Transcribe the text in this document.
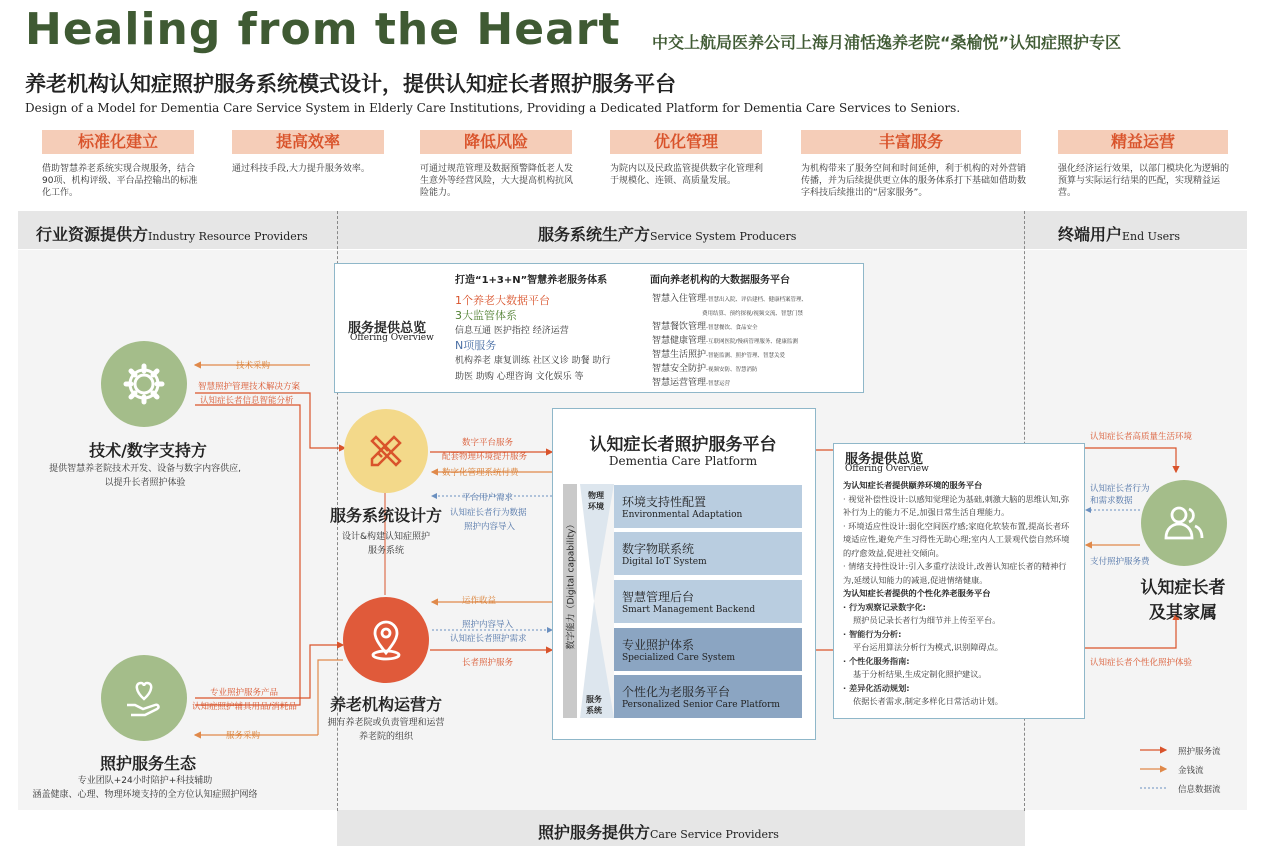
Healing from the Heart 中交上航局医养公司上海月浦恬逸养老院“桑榆悦”认知症照护专区
养老机构认知症照护服务系统模式设计，提供认知症长者照护服务平台
Design of a Model for Dementia Care Service System in Elderly Care Institutions, Providing a Dedicated Platform for Dementia Care Services to Seniors.
标准化建立
借助智慧养老系统实现合规服务，结合90项、机构评级、平台品控输出的标准化工作。
提高效率
通过科技手段,大力提升服务效率。
降低风险
可通过规范管理及数据预警降低老人发生意外等经营风险，大大提高机构抗风险能力。
优化管理
为院内以及民政监管提供数字化管理利于规模化、连锁、高质量发展。
丰富服务
为机构带来了服务空间和时间延伸，利于机构的对外营销传播，并为后续提供更立体的服务体系打下基础如借助数字科技后续推出的“居家服务”。
精益运营
强化经济运行效果，以部门模块化为逻辑的预算与实际运行结果的匹配，实现精益运营。
行业资源提供方Industry Resource Providers	服务系统生产方Service System Producers	终端用户End Users
照护服务提供方Care Service Providers
技术/数字支持方
提供智慧养老院技术开发、设备与数字内容供应,
以提升长者照护体验
照护服务生态
专业团队+24小时陪护+科技辅助
涵盖健康、心理、物理环境支持的全方位认知症照护网络
技术采购
智慧照护管理技术解决方案
认知症长者信息智能分析
专业照护服务产品
认知症照护辅具用品/消耗品
服务采购
服务系统设计方
设计&构建认知症照护
服务系统
养老机构运营方
拥有养老院或负责管理和运营
养老院的组织
数字平台服务
配套物理环境提升服务
数字化管理系统付费
平台用户需求
认知症长者行为数据
照护内容导入
运作收益
照护内容导入
认知症长者照护需求
长者照护服务
服务提供总览
Offering Overview
打造“1+3+N”智慧养老服务体系
1个养老大数据平台
3大监管体系
信息互通 医护指控 经济运营
N项服务
机构养老 康复训练 社区义诊 助餐 助行
助医 助购 心理咨询 文化娱乐 等
面向养老机构的大数据服务平台
智慧入住管理-智慧出入院、评估建档、健康档案管理、
费用结算、预约探视/视频交流、智慧门禁
智慧餐饮管理-智慧餐饮、食品安全
智慧健康管理-互联网医院/慢病管理服务、健康监测
智慧生活照护-智能监测、照护管理、智慧关爱
智慧安全防护-视频安防、智慧消防
智慧运营管理-智慧运营
认知症长者照护服务平台
Dementia Care Platform
数字能力（Digital capability）
物理环境
服务系统
环境支持性配置
Environmental Adaptation
数字物联系统
Digital IoT System
智慧管理后台
Smart Management Backend
专业照护体系
Specialized Care System
个性化为老服务平台
Personalized Senior Care Platform
服务提供总览
Offering Overview
为认知症长者提供颐养环境的服务平台
· 视觉补偿性设计:以感知觉理论为基础,刺激大脑的思维认知,弥补行为上的能力不足,加强日常生活自理能力。
· 环境适应性设计:弱化空间医疗感;家庭化软装布置,提高长者环境适应性,避免产生习得性无助心理;室内人工景观代偿自然环境的疗愈效益,促进社交倾向。
· 情绪支持性设计:引入多重疗法设计,改善认知症长者的精神行为,延缓认知能力的减退,促进情绪健康。
为认知症长者提供的个性化养老服务平台
· 行为观察记录数字化:
照护员记录长者行为细节并上传至平台。
· 智能行为分析:
平台运用算法分析行为模式,识别障碍点。
· 个性化服务指南:
基于分析结果,生成定制化照护建议。
· 差异化活动规划:
依据长者需求,制定多样化日常活动计划。
认知症长者
及其家属
认知症长者高质量生活环境
认知症长者行为
和需求数据
支付照护服务费
认知症长者个性化照护体验
照护服务流
金钱流
信息数据流
